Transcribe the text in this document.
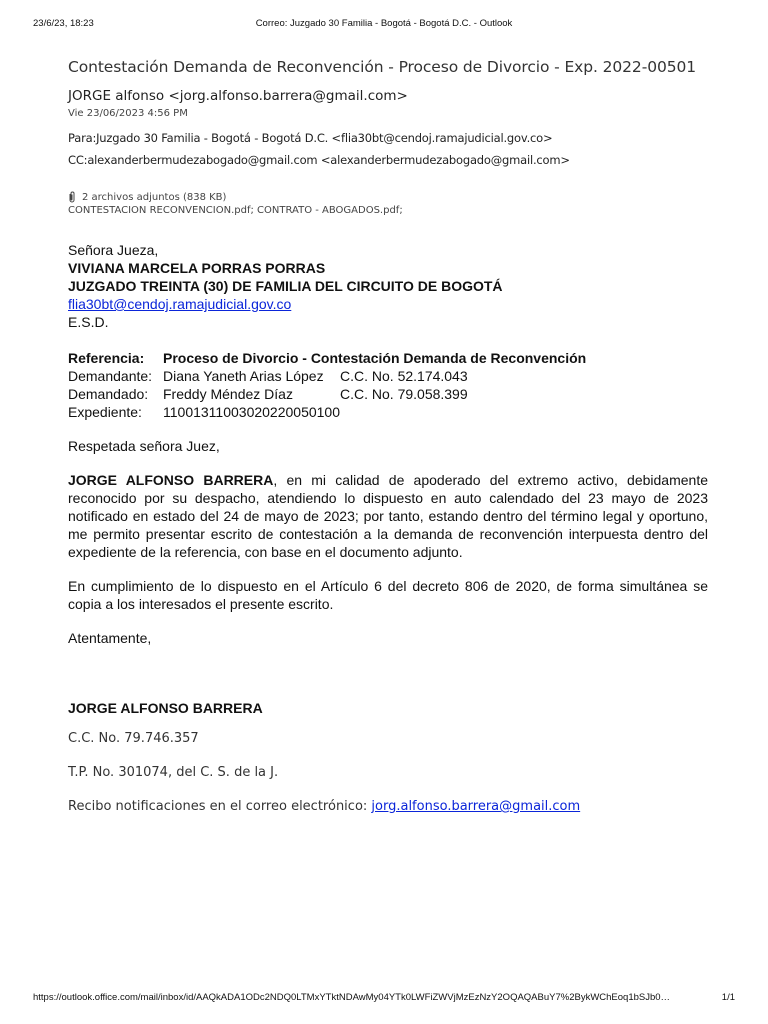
23/6/23, 18:23	Correo: Juzgado 30 Familia - Bogotá - Bogotá D.C. - Outlook
Contestación Demanda de Reconvención - Proceso de Divorcio - Exp. 2022-00501
JORGE alfonso <jorg.alfonso.barrera@gmail.com>
Vie 23/06/2023 4:56 PM
Para:Juzgado 30 Familia - Bogotá - Bogotá D.C. <flia30bt@cendoj.ramajudicial.gov.co>
CC:alexanderbermudezabogado@gmail.com <alexanderbermudezabogado@gmail.com>
2 archivos adjuntos (838 KB)
CONTESTACION RECONVENCION.pdf; CONTRATO - ABOGADOS.pdf;
Señora Jueza,
VIVIANA MARCELA PORRAS PORRAS
JUZGADO TREINTA (30) DE FAMILIA DEL CIRCUITO DE BOGOTÁ
flia30bt@cendoj.ramajudicial.gov.co
E.S.D.
Referencia:	Proceso de Divorcio - Contestación Demanda de Reconvención
Demandante: Diana Yaneth Arias López	C.C. No. 52.174.043
Demandado:	Freddy Méndez Díaz	C.C. No. 79.058.399
Expediente:	11001311003020220050100
Respetada señora Juez,

JORGE ALFONSO BARRERA, en mi calidad de apoderado del extremo activo, debidamente reconocido por su despacho, atendiendo lo dispuesto en auto calendado del 23 mayo de 2023 notificado en estado del 24 de mayo de 2023; por tanto, estando dentro del término legal y oportuno, me permito presentar escrito de contestación a la demanda de reconvención interpuesta dentro del expediente de la referencia, con base en el documento adjunto.

En cumplimiento de lo dispuesto en el Artículo 6 del decreto 806 de 2020, de forma simultánea se copia a los interesados el presente escrito.

Atentamente,
JORGE ALFONSO BARRERA
C.C. No. 79.746.357
T.P. No. 301074, del C. S. de la J.
Recibo notificaciones en el correo electrónico: jorg.alfonso.barrera@gmail.com
https://outlook.office.com/mail/inbox/id/AAQkADA1ODc2NDQ0LTMxYTktNDAwMy04YTk0LWFiZWVjMzEzNzY2OQAQABuY7%2BykWChEoq1bSJb0…	1/1
